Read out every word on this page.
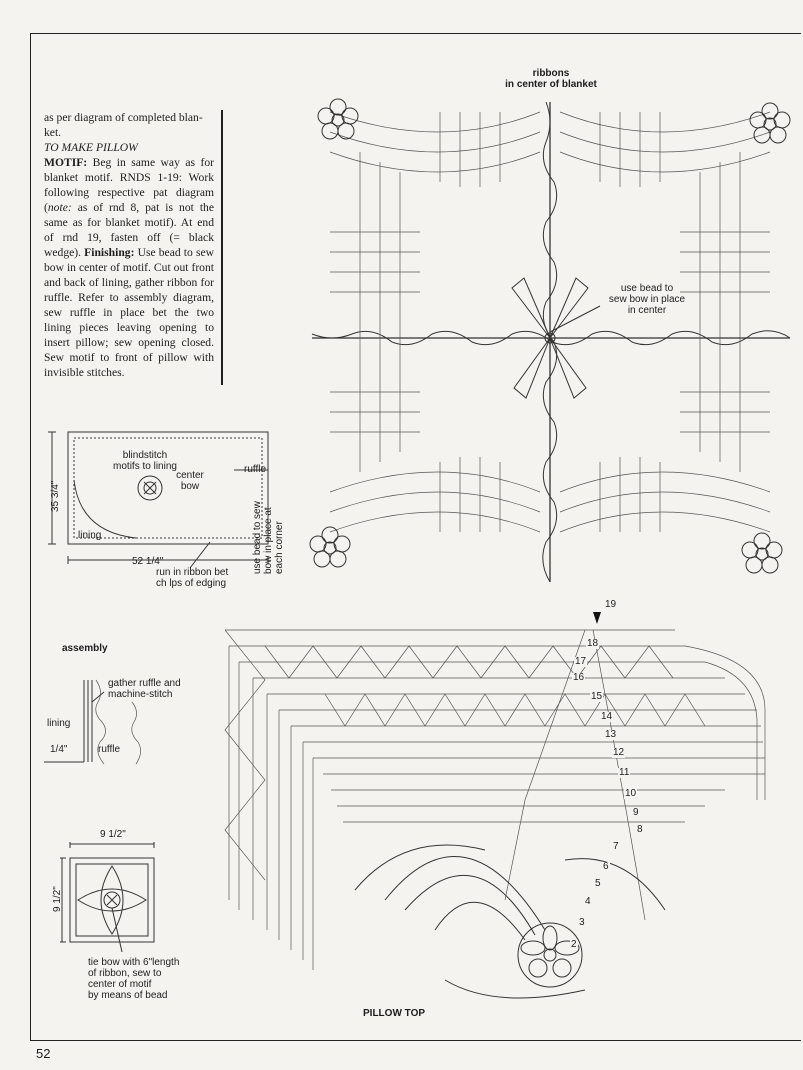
52

as per diagram of completed blan-
ket.

TO MAKE PILLOW

MOTIF: Beg in same way as for blanket motif. RNDS 1-19: Work following respective pat diagram (note: as of rnd 8, pat is not the same as for blanket motif). At end of rnd 19, fasten off (= black wedge). Finishing: Use bead to sew bow in center of motif. Cut out front and back of lining, gather ribbon for ruffle. Refer to assembly diagram, sew ruffle in place bet the two lining pieces leaving opening to insert pillow; sew opening closed. Sew motif to front of pillow with invisible stitches.

ribbons
in center of blanket
use bead to
sew bow in place
in center
35 3/4"
52 1/4"
blindstitch
motifs to lining
center
bow
ruffle
lining	use bead to sew
bow in place at
each corner
run in ribbon bet
ch lps of edging
assembly
gather ruffle and
machine-stitch
lining
1/4"	ruffle
9 1/2"
9 1/2"
tie bow with 6"length
of ribbon, sew to
center of motif
by means of bead
19
18
17
16
15
14
13
12
11
10
9
8
7
6
5
4
3
2
PILLOW TOP
